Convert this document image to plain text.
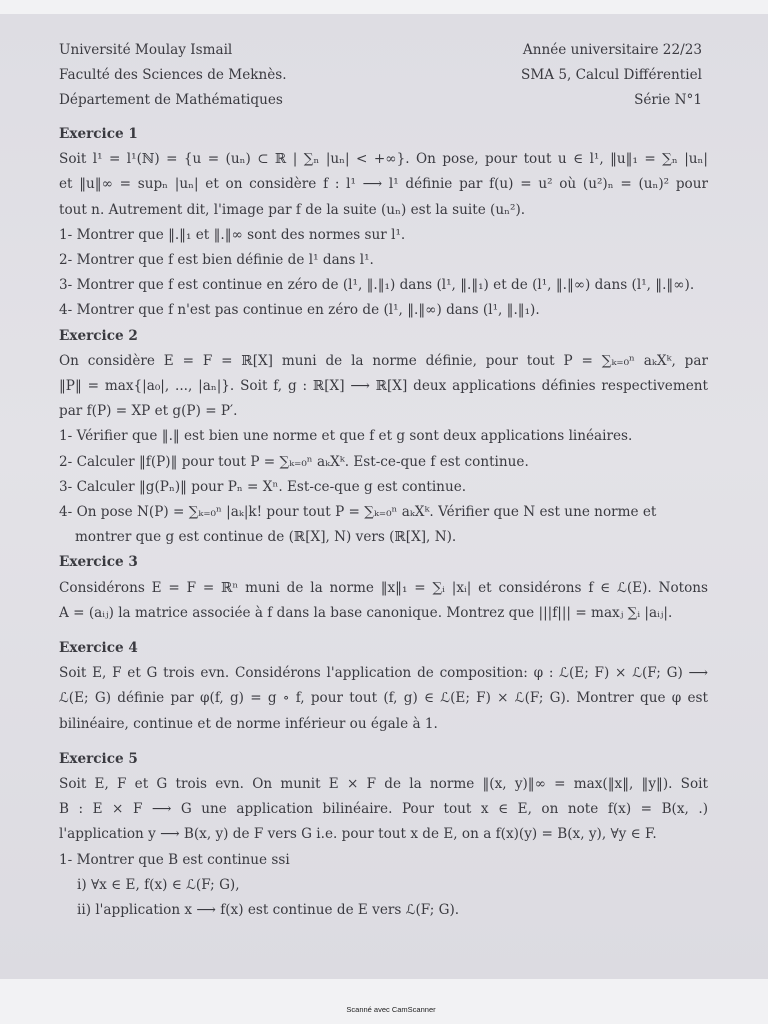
Université Moulay Ismail	Année universitaire 22/23
Faculté des Sciences de Meknès.	SMA 5, Calcul Différentiel
Département de Mathématiques	Série N°1
Exercice 1
Soit l¹ = l¹(ℕ) = {u = (uₙ) ⊂ ℝ | ∑ₙ |uₙ| < +∞}. On pose, pour tout u ∈ l¹, ‖u‖₁ = ∑ₙ |uₙ|
et ‖u‖∞ = supₙ |uₙ| et on considère f : l¹ ⟶ l¹ définie par f(u) = u² où (u²)ₙ = (uₙ)² pour
tout n. Autrement dit, l'image par f de la suite (uₙ) est la suite (uₙ²).
1- Montrer que ‖.‖₁ et ‖.‖∞ sont des normes sur l¹.
2- Montrer que f est bien définie de l¹ dans l¹.
3- Montrer que f est continue en zéro de (l¹, ‖.‖₁) dans (l¹, ‖.‖₁) et de (l¹, ‖.‖∞) dans (l¹, ‖.‖∞).
4- Montrer que f n'est pas continue en zéro de (l¹, ‖.‖∞) dans (l¹, ‖.‖₁).
Exercice 2
On considère E = F = ℝ[X] muni de la norme définie, pour tout P = ∑ₖ₌₀ⁿ aₖXᵏ, par
‖P‖ = max{|a₀|, ..., |aₙ|}. Soit f, g : ℝ[X] ⟶ ℝ[X] deux applications définies respectivement
par f(P) = XP et g(P) = P′.
1- Vérifier que ‖.‖ est bien une norme et que f et g sont deux applications linéaires.
2- Calculer ‖f(P)‖ pour tout P = ∑ₖ₌₀ⁿ aₖXᵏ. Est-ce-que f est continue.
3- Calculer ‖g(Pₙ)‖ pour Pₙ = Xⁿ. Est-ce-que g est continue.
4- On pose N(P) = ∑ₖ₌₀ⁿ |aₖ|k! pour tout P = ∑ₖ₌₀ⁿ aₖXᵏ. Vérifier que N est une norme et
montrer que g est continue de (ℝ[X], N) vers (ℝ[X], N).
Exercice 3
Considérons E = F = ℝⁿ muni de la norme ‖x‖₁ = ∑ᵢ |xᵢ| et considérons f ∈ ℒ(E). Notons
A = (aᵢⱼ) la matrice associée à f dans la base canonique. Montrez que |||f||| = maxⱼ ∑ᵢ |aᵢⱼ|.
Exercice 4
Soit E, F et G trois evn. Considérons l'application de composition: φ : ℒ(E; F) × ℒ(F; G) ⟶
ℒ(E; G) définie par φ(f, g) = g ∘ f, pour tout (f, g) ∈ ℒ(E; F) × ℒ(F; G). Montrer que φ est
bilinéaire, continue et de norme inférieur ou égale à 1.
Exercice 5
Soit E, F et G trois evn. On munit E × F de la norme ‖(x, y)‖∞ = max(‖x‖, ‖y‖). Soit
B : E × F ⟶ G une application bilinéaire. Pour tout x ∈ E, on note f(x) = B(x, .)
l'application y ⟶ B(x, y) de F vers G i.e. pour tout x de E, on a f(x)(y) = B(x, y), ∀y ∈ F.
1- Montrer que B est continue ssi
i) ∀x ∈ E, f(x) ∈ ℒ(F; G),
ii) l'application x ⟶ f(x) est continue de E vers ℒ(F; G).
Scanné avec CamScanner
